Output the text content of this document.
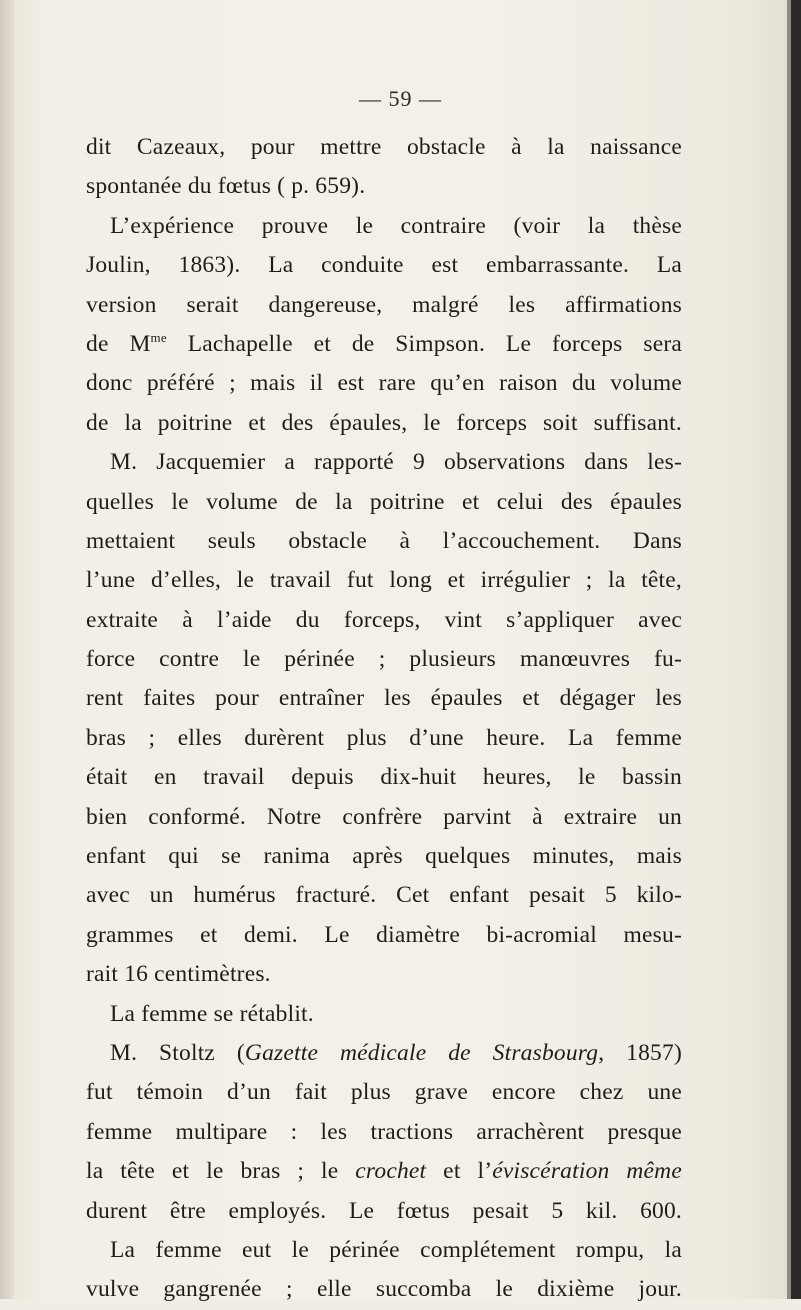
— 59 —
dit Cazeaux, pour mettre obstacle à la naissance
spontanée du fœtus ( p. 659).
L’expérience prouve le contraire (voir la thèse
Joulin, 1863). La conduite est embarrassante. La
version serait dangereuse, malgré les affirmations
de $M^{me}$ Lachapelle et de Simpson. Le forceps sera
donc préféré ; mais il est rare qu’en raison du volume
de la poitrine et des épaules, le forceps soit suffisant.
M. Jacquemier a rapporté 9 observations dans les-
quelles le volume de la poitrine et celui des épaules
mettaient seuls obstacle à l’accouchement. Dans
l’une d’elles, le travail fut long et irrégulier ; la tête,
extraite à l’aide du forceps, vint s’appliquer avec
force contre le périnée ; plusieurs manœuvres fu-
rent faites pour entraîner les épaules et dégager les
bras ; elles durèrent plus d’une heure. La femme
était en travail depuis dix-huit heures, le bassin
bien conformé. Notre confrère parvint à extraire un
enfant qui se ranima après quelques minutes, mais
avec un humérus fracturé. Cet enfant pesait 5 kilo-
grammes et demi. Le diamètre bi-acromial mesu-
rait 16 centimètres.
La femme se rétablit.
M. Stoltz (Gazette médicale de Strasbourg, 1857)
fut témoin d’un fait plus grave encore chez une
femme multipare : les tractions arrachèrent presque
la tête et le bras ; le crochet et l’éviscération même
durent être employés. Le fœtus pesait 5 kil. 600.
La femme eut le périnée complétement rompu, la
vulve gangrenée ; elle succomba le dixième jour.
